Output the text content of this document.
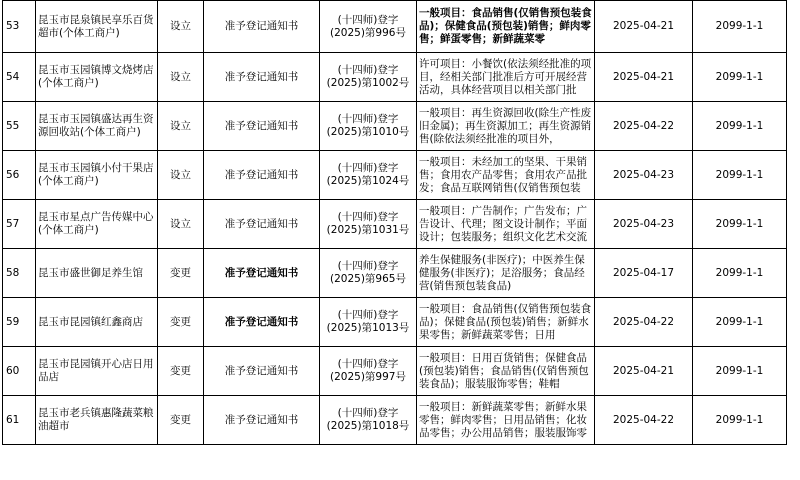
53	昆玉市昆泉镇民享乐百货超市(个体工商户)	设立	准予登记通知书	(十四师)登字(2025)第996号	一般项目：食品销售(仅销售预包装食品)；保健食品(预包装)销售；鲜肉零售；鲜蛋零售；新鲜蔬菜零	2025-04-21	2099-1-1
54	昆玉市玉园镇博文烧烤店(个体工商户)	设立	准予登记通知书	(十四师)登字(2025)第1002号	许可项目：小餐饮(依法须经批准的项目，经相关部门批准后方可开展经营活动，具体经营项目以相关部门批	2025-04-21	2099-1-1
55	昆玉市玉园镇盛达再生资源回收站(个体工商户)	设立	准予登记通知书	(十四师)登字(2025)第1010号	一般项目：再生资源回收(除生产性废旧金属)；再生资源加工；再生资源销售(除依法须经批准的项目外，	2025-04-22	2099-1-1
56	昆玉市玉园镇小付干果店(个体工商户)	设立	准予登记通知书	(十四师)登字(2025)第1024号	一般项目：未经加工的坚果、干果销售；食用农产品零售；食用农产品批发；食品互联网销售(仅销售预包装	2025-04-23	2099-1-1
57	昆玉市星点广告传媒中心(个体工商户)	设立	准予登记通知书	(十四师)登字(2025)第1031号	一般项目：广告制作；广告发布；广告设计、代理；图文设计制作；平面设计；包装服务；组织文化艺术交流	2025-04-23	2099-1-1
58	昆玉市盛世御足养生馆	变更	准予登记通知书	(十四师)登字(2025)第965号	养生保健服务(非医疗)；中医养生保健服务(非医疗)；足浴服务；食品经营(销售预包装食品)	2025-04-17	2099-1-1
59	昆玉市昆园镇红鑫商店	变更	准予登记通知书	(十四师)登字(2025)第1013号	一般项目：食品销售(仅销售预包装食品)；保健食品(预包装)销售；新鲜水果零售；新鲜蔬菜零售；日用	2025-04-22	2099-1-1
60	昆玉市昆园镇开心店日用品店	变更	准予登记通知书	(十四师)登字(2025)第997号	一般项目：日用百货销售；保健食品(预包装)销售；食品销售(仅销售预包装食品)；服装服饰零售；鞋帽	2025-04-21	2099-1-1
61	昆玉市老兵镇惠隆蔬菜粮油超市	变更	准予登记通知书	(十四师)登字(2025)第1018号	一般项目：新鲜蔬菜零售；新鲜水果零售；鲜肉零售；日用品销售；化妆品零售；办公用品销售；服装服饰零	2025-04-22	2099-1-1
